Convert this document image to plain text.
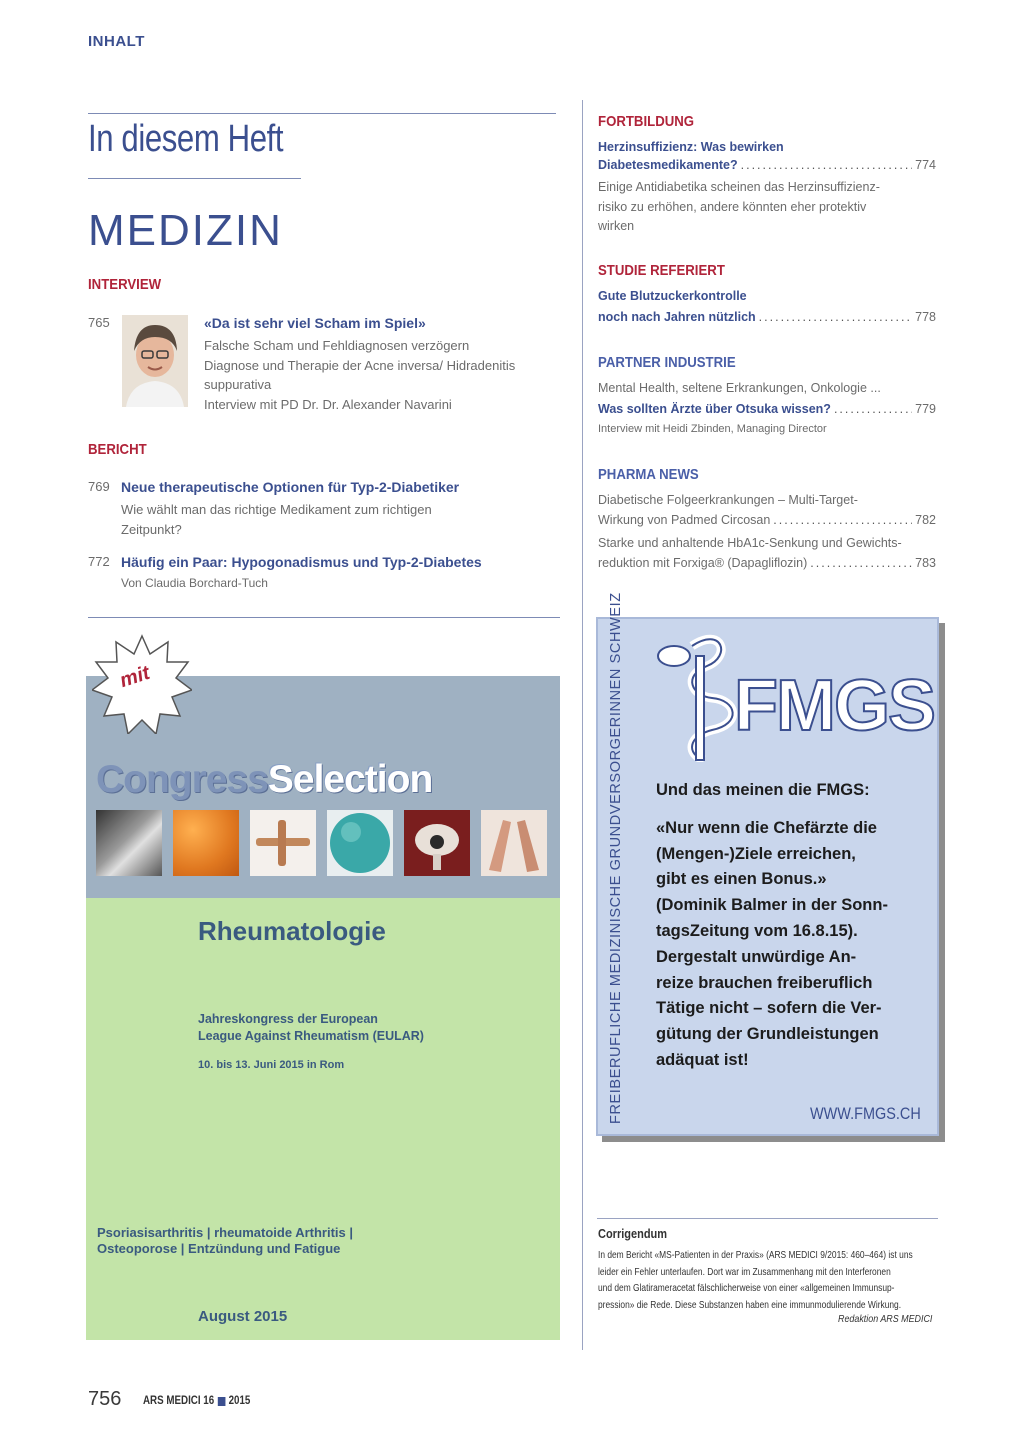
INHALT
In diesem Heft
MEDIZIN
INTERVIEW
765	«Da ist sehr viel Scham im Spiel»
Falsche Scham und Fehldiagnosen verzögern
Diagnose und Therapie der Acne inversa/ Hidradenitis
suppurativa
Interview mit PD Dr. Dr. Alexander Navarini
BERICHT
769 Neue therapeutische Optionen für Typ-2-Diabetiker
Wie wählt man das richtige Medikament zum richtigen
Zeitpunkt?
772 Häufig ein Paar: Hypogonadismus und Typ-2-Diabetes
Von Claudia Borchard-Tuch
FORTBILDUNG
Herzinsuffizienz: Was bewirken
Diabetesmedikamente? .....	774
Einige Antidiabetika scheinen das Herzinsuffizienz-
risiko zu erhöhen, andere könnten eher protektiv
wirken
STUDIE REFERIERT
Gute Blutzuckerkontrolle
noch nach Jahren nützlich .....	778
PARTNER INDUSTRIE
Mental Health, seltene Erkrankungen, Onkologie ...
Was sollten Ärzte über Otsuka wissen? .....	779
Interview mit Heidi Zbinden, Managing Director
PHARMA NEWS
Diabetische Folgeerkrankungen – Multi-Target-
Wirkung von Padmed Circosan .....	782
Starke und anhaltende HbA1c-Senkung und Gewichts-
reduktion mit Forxiga® (Dapagliflozin) .....	783
mit
CongressSelection
Rheumatologie
Jahreskongress der European
League Against Rheumatism (EULAR)
10. bis 13. Juni 2015 in Rom
Psoriasisarthritis | rheumatoide Arthritis |
Osteoporose | Entzündung und Fatigue
August 2015
FREIBERUFLICHE MEDIZINISCHE GRUNDVERSORGERINNEN SCHWEIZ	FMGS
Und das meinen die FMGS:
«Nur wenn die Chefärzte die
(Mengen-)Ziele erreichen,
gibt es einen Bonus.»
(Dominik Balmer in der Sonn-
tagsZeitung vom 16.8.15).
Dergestalt unwürdige An-
reize brauchen freiberuflich
Tätige nicht – sofern die Ver-
gütung der Grundleistungen
adäquat ist!
WWW.FMGS.CH
Corrigendum
In dem Bericht «MS-Patienten in der Praxis» (ARS MEDICI 9/2015: 460–464) ist uns
leider ein Fehler unterlaufen. Dort war im Zusammenhang mit den Interferonen
und dem Glatirameracetat fälschlicherweise von einer «allgemeinen Immunsup-
pression» die Rede. Diese Substanzen haben eine immunmodulierende Wirkung.
Redaktion ARS MEDICI
756 ARS MEDICI 16 2015
